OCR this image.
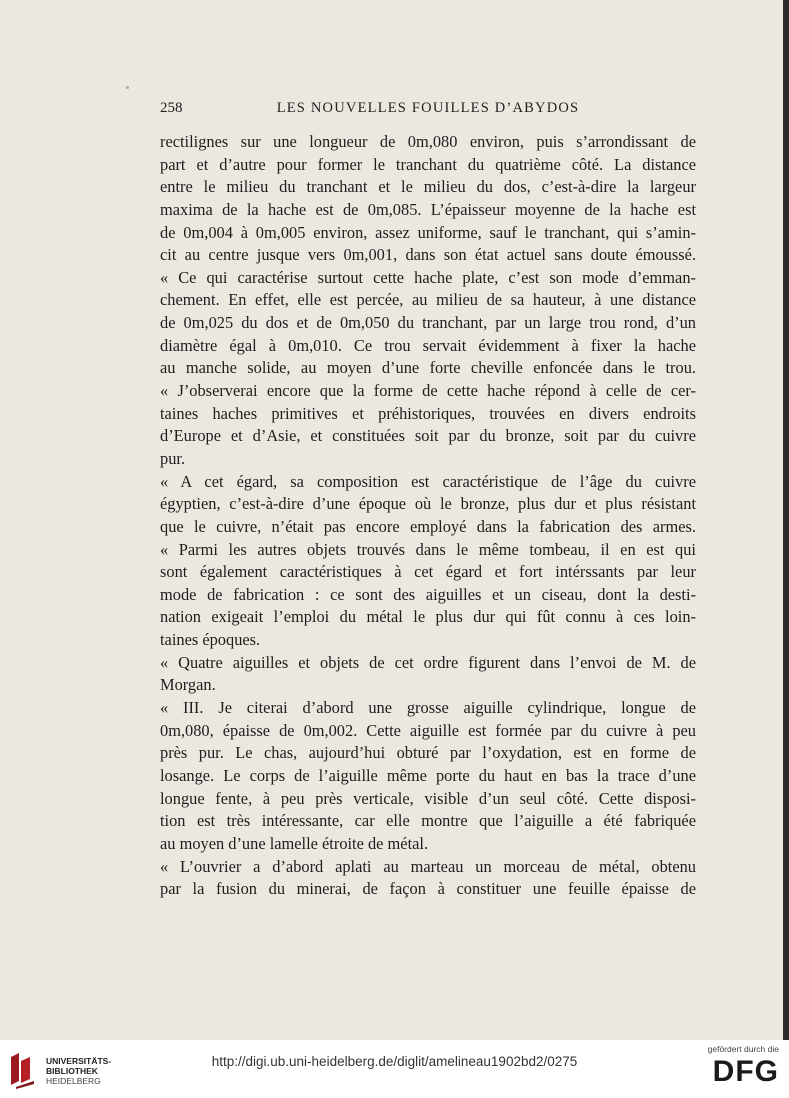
258	LES NOUVELLES FOUILLES D’ABYDOS
rectilignes sur une longueur de 0m,080 environ, puis s’arrondissant de
part et d’autre pour former le tranchant du quatrième côté. La distance
entre le milieu du tranchant et le milieu du dos, c’est-à-dire la largeur
maxima de la hache est de 0m,085. L’épaisseur moyenne de la hache est
de 0m,004 à 0m,005 environ, assez uniforme, sauf le tranchant, qui s’amin-
cit au centre jusque vers 0m,001, dans son état actuel sans doute émoussé.
« Ce qui caractérise surtout cette hache plate, c’est son mode d’emman-
chement. En effet, elle est percée, au milieu de sa hauteur, à une distance
de 0m,025 du dos et de 0m,050 du tranchant, par un large trou rond, d’un
diamètre égal à 0m,010. Ce trou servait évidemment à fixer la hache
au manche solide, au moyen d’une forte cheville enfoncée dans le trou.
« J’observerai encore que la forme de cette hache répond à celle de cer-
taines haches primitives et préhistoriques, trouvées en divers endroits
d’Europe et d’Asie, et constituées soit par du bronze, soit par du cuivre
pur.
« A cet égard, sa composition est caractéristique de l’âge du cuivre
égyptien, c’est-à-dire d’une époque où le bronze, plus dur et plus résistant
que le cuivre, n’était pas encore employé dans la fabrication des armes.
« Parmi les autres objets trouvés dans le même tombeau, il en est qui
sont également caractéristiques à cet égard et fort intérssants par leur
mode de fabrication : ce sont des aiguilles et un ciseau, dont la desti-
nation exigeait l’emploi du métal le plus dur qui fût connu à ces loin-
taines époques.
« Quatre aiguilles et objets de cet ordre figurent dans l’envoi de M. de
Morgan.
« III. Je citerai d’abord une grosse aiguille cylindrique, longue de
0m,080, épaisse de 0m,002. Cette aiguille est formée par du cuivre à peu
près pur. Le chas, aujourd’hui obturé par l’oxydation, est en forme de
losange. Le corps de l’aiguille même porte du haut en bas la trace d’une
longue fente, à peu près verticale, visible d’un seul côté. Cette disposi-
tion est très intéressante, car elle montre que l’aiguille a été fabriquée
au moyen d’une lamelle étroite de métal.
« L’ouvrier a d’abord aplati au marteau un morceau de métal, obtenu
par la fusion du minerai, de façon à constituer une feuille épaisse de
UNIVERSITÄTS-
BIBLIOTHEK
HEIDELBERG
http://digi.ub.uni-heidelberg.de/diglit/amelineau1902bd2/0275
gefördert durch die
DFG
